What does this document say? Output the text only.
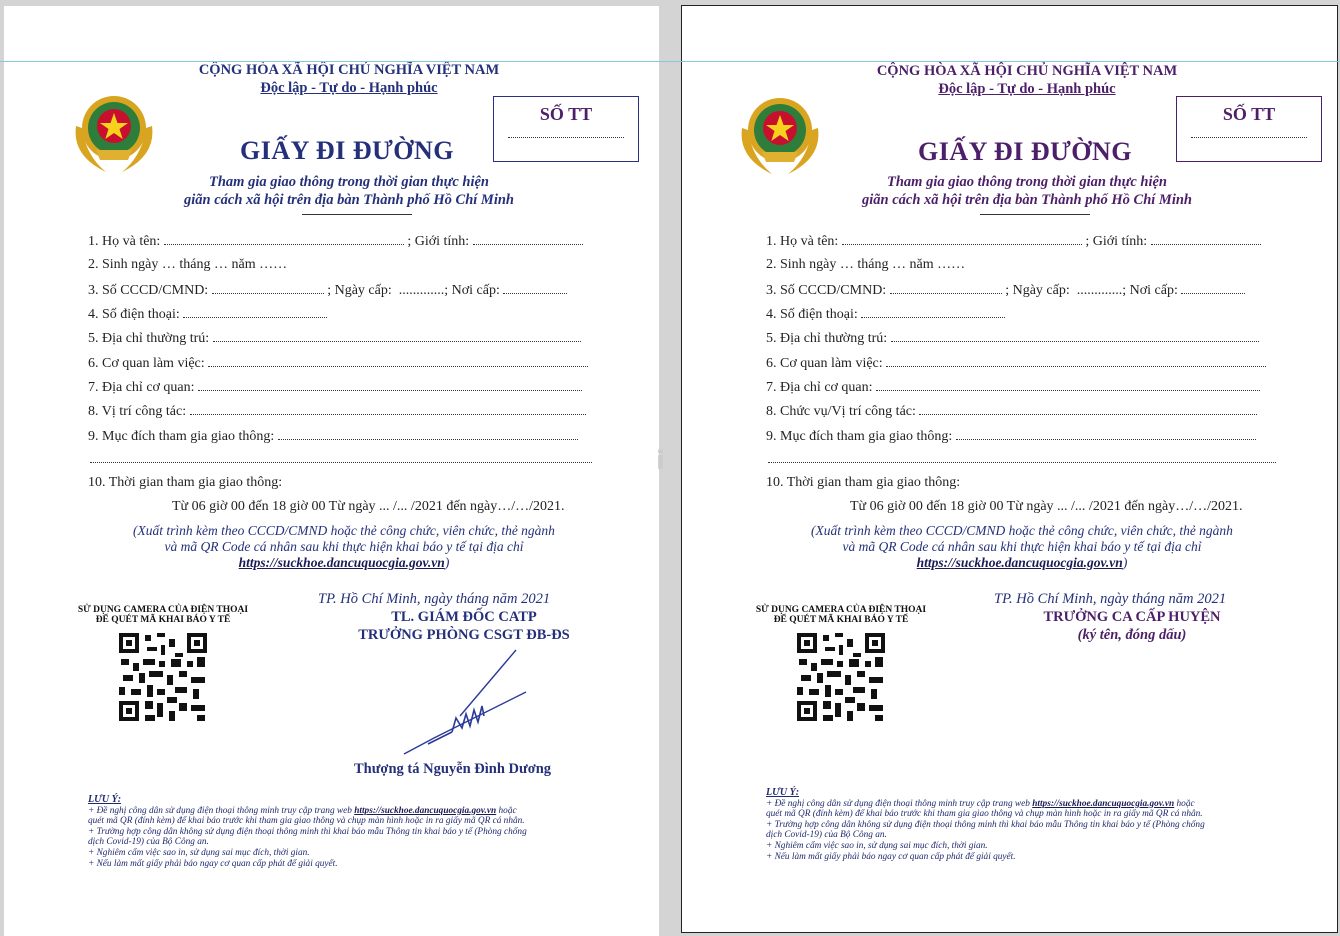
CỘNG HÒA XÃ HỘI CHỦ NGHĨA VIỆT NAM
Độc lập - Tự do - Hạnh phúc
GIẤY ĐI ĐƯỜNG
SỐ TT
Tham gia giao thông trong thời gian thực hiện
giãn cách xã hội trên địa bàn Thành phố Hồ Chí Minh
1. Họ và tên:	; Giới tính:
2. Sinh ngày … tháng … năm ……
3. Số CCCD/CMND:	; Ngày cấp: .............; Nơi cấp:
4. Số điện thoại:
5. Địa chỉ thường trú:
6. Cơ quan làm việc:
7. Địa chỉ cơ quan:
8. Vị trí công tác:
9. Mục đích tham gia giao thông:
10. Thời gian tham gia giao thông:
Từ 06 giờ 00 đến 18 giờ 00 Từ ngày ... /... /2021 đến ngày…/…/2021.
(Xuất trình kèm theo CCCD/CMND hoặc thẻ công chức, viên chức, thẻ ngành
và mã QR Code cá nhân sau khi thực hiện khai báo y tế tại địa chỉ
https://suckhoe.dancuquocgia.gov.vn)
SỬ DỤNG CAMERA CỦA ĐIỆN THOẠI
ĐỂ QUÉT MÃ KHAI BÁO Y TẾ
TP. Hồ Chí Minh, ngày tháng năm 2021
TL. GIÁM ĐỐC CATP
TRƯỞNG PHÒNG CSGT ĐB-ĐS
Thượng tá Nguyễn Đình Dương
LƯU Ý:
+ Đề nghị công dân sử dụng điện thoại thông minh truy cập trang web https://suckhoe.dancuquocgia.gov.vn hoặc
quét mã QR (đính kèm) để khai báo trước khi tham gia giao thông và chụp màn hình hoặc in ra giấy mã QR cá nhân.
+ Trường hợp công dân không sử dụng điện thoại thông minh thì khai báo mẫu Thông tin khai báo y tế (Phòng chống
dịch Covid-19) của Bộ Công an.
+ Nghiêm cấm việc sao in, sử dụng sai mục đích, thời gian.
+ Nếu làm mất giấy phải báo ngay cơ quan cấp phát để giải quyết.
i
CỘNG HÒA XÃ HỘI CHỦ NGHĨA VIỆT NAM
Độc lập - Tự do - Hạnh phúc
GIẤY ĐI ĐƯỜNG
SỐ TT
Tham gia giao thông trong thời gian thực hiện
giãn cách xã hội trên địa bàn Thành phố Hồ Chí Minh
1. Họ và tên:	; Giới tính:
2. Sinh ngày … tháng … năm ……
3. Số CCCD/CMND:	; Ngày cấp: .............; Nơi cấp:
4. Số điện thoại:
5. Địa chỉ thường trú:
6. Cơ quan làm việc:
7. Địa chỉ cơ quan:
8. Chức vụ/Vị trí công tác:
9. Mục đích tham gia giao thông:
10. Thời gian tham gia giao thông:
Từ 06 giờ 00 đến 18 giờ 00 Từ ngày ... /... /2021 đến ngày…/…/2021.
(Xuất trình kèm theo CCCD/CMND hoặc thẻ công chức, viên chức, thẻ ngành
và mã QR Code cá nhân sau khi thực hiện khai báo y tế tại địa chỉ
https://suckhoe.dancuquocgia.gov.vn)
SỬ DỤNG CAMERA CỦA ĐIỆN THOẠI
ĐỂ QUÉT MÃ KHAI BÁO Y TẾ
TP. Hồ Chí Minh, ngày tháng năm 2021
TRƯỞNG CA CẤP HUYỆN
(ký tên, đóng dấu)
LƯU Ý:
+ Đề nghị công dân sử dụng điện thoại thông minh truy cập trang web https://suckhoe.dancuquocgia.gov.vn hoặc
quét mã QR (đính kèm) để khai báo trước khi tham gia giao thông và chụp màn hình hoặc in ra giấy mã QR cá nhân.
+ Trường hợp công dân không sử dụng điện thoại thông minh thì khai báo mẫu Thông tin khai báo y tế (Phòng chống
dịch Covid-19) của Bộ Công an.
+ Nghiêm cấm việc sao in, sử dụng sai mục đích, thời gian.
+ Nếu làm mất giấy phải báo ngay cơ quan cấp phát để giải quyết.
